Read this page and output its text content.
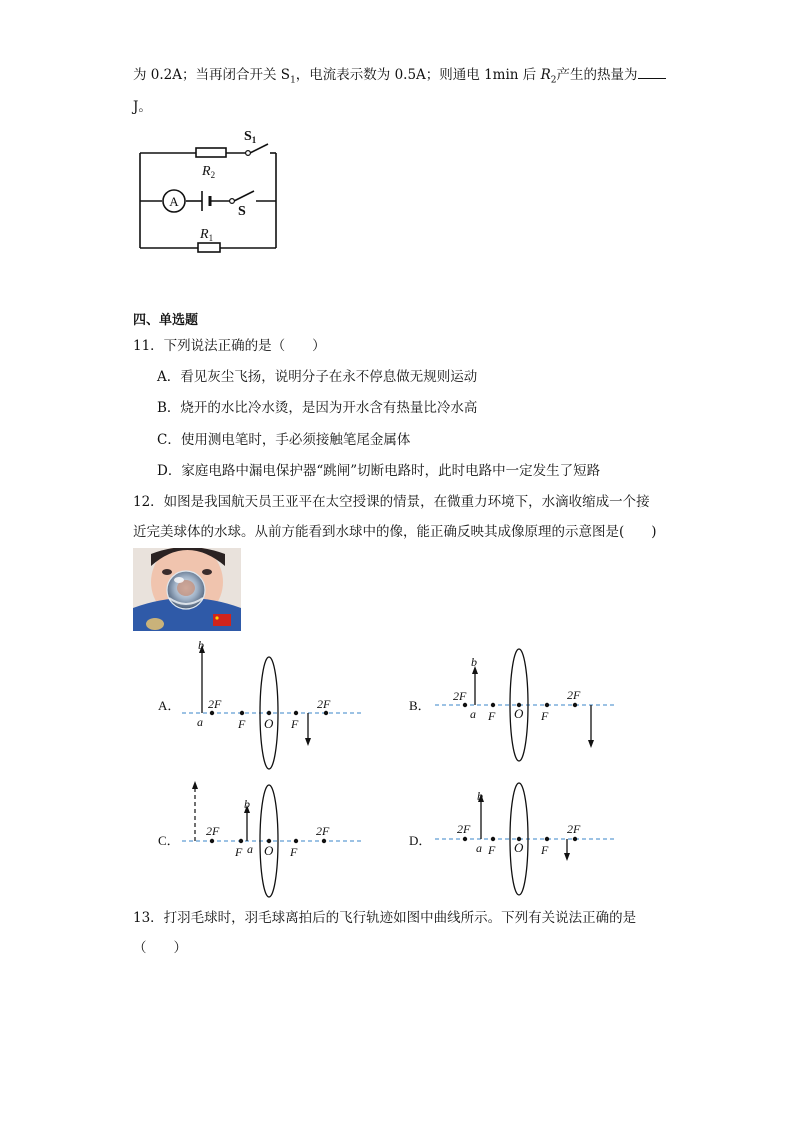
为 0.2A；当再闭合开关 $S_1$，电流表示数为 0.5A；则通电 1min 后 $R_2$产生的热量为
J。
A
$S_1$
$R_2$
S
$R_1$
四、单选题
11．下列说法正确的是（　　）
A．看见灰尘飞扬，说明分子在永不停息做无规则运动
B．烧开的水比冷水烫，是因为开水含有热量比冷水高
C．使用测电笔时，手必须接触笔尾金属体
D．家庭电路中漏电保护器“跳闸”切断电路时，此时电路中一定发生了短路
12．如图是我国航天员王亚平在太空授课的情景，在微重力环境下，水滴收缩成一个接
近完美球体的水球。从前方能看到水球中的像，能正确反映其成像原理的示意图是(　　)
A．
b
a
2F
F O F
2F	B．
b
a
2F
F O F
2F
C．
b
a
2F
F O F
2F
D．
b
a
2F
F O F
2F
13．打羽毛球时，羽毛球离拍后的飞行轨迹如图中曲线所示。下列有关说法正确的是
（　　）
